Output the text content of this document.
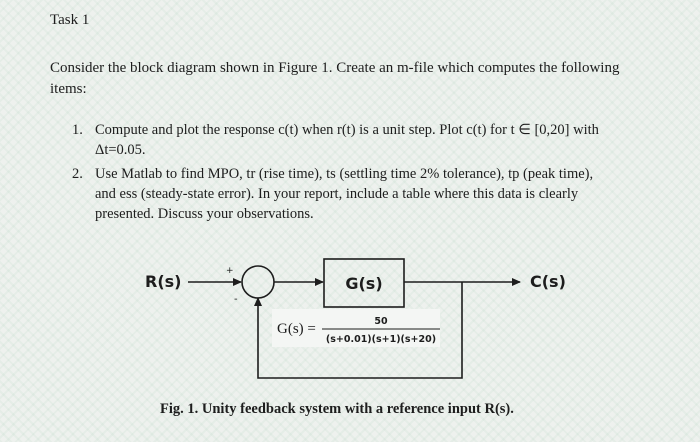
Task 1
Consider the block diagram shown in Figure 1. Create an m-file which computes the following items:
1. Compute and plot the response c(t) when r(t) is a unit step. Plot c(t) for t ∈ [0,20] with
Δt=0.05.
2. Use Matlab to find MPO, tr (rise time), ts (settling time 2% tolerance), tp (peak time),
and ess (steady-state error). In your report, include a table where this data is clearly
presented. Discuss your observations.
R(s)
+
-
G(s)	C(s)
G(s) =	50
(s+0.01)(s+1)(s+20)
Fig. 1. Unity feedback system with a reference input R(s).
